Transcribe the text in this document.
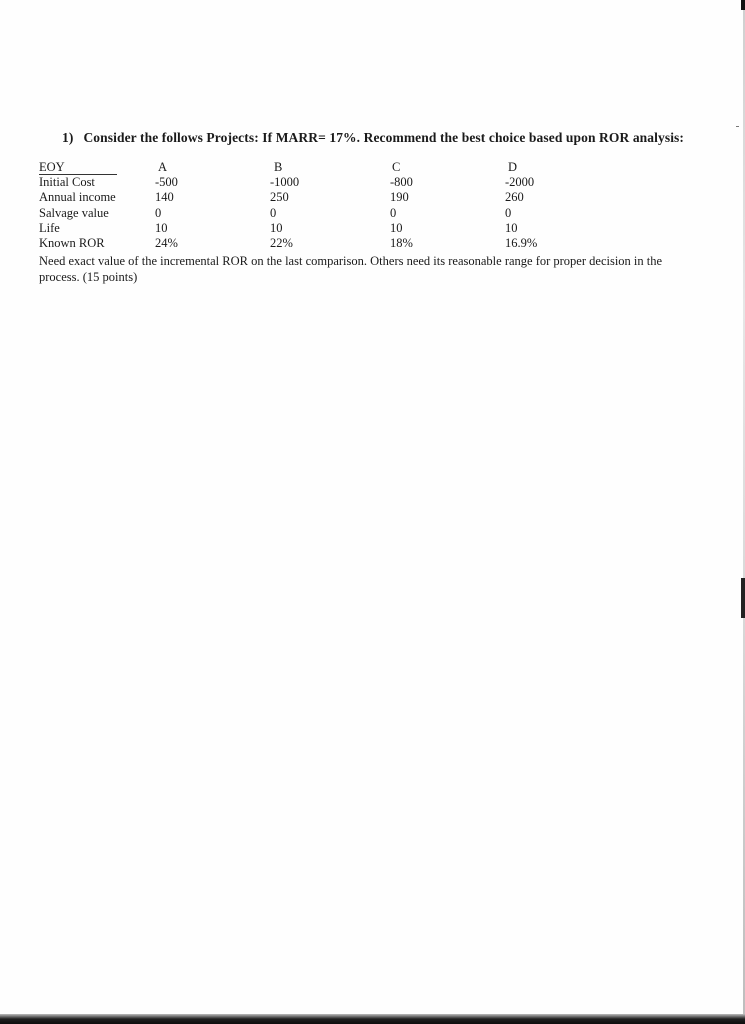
1) Consider the follows Projects: If MARR= 17%. Recommend the best choice based upon ROR analysis:
EOY	A	B	C	D
Initial Cost	-500	-1000	-800	-2000
Annual income	140	250	190	260
Salvage value	0	0	0	0
Life	10	10	10	10
Known ROR	24%	22%	18%	16.9%
Need exact value of the incremental ROR on the last comparison. Others need its reasonable range for proper decision in the process. (15 points)
